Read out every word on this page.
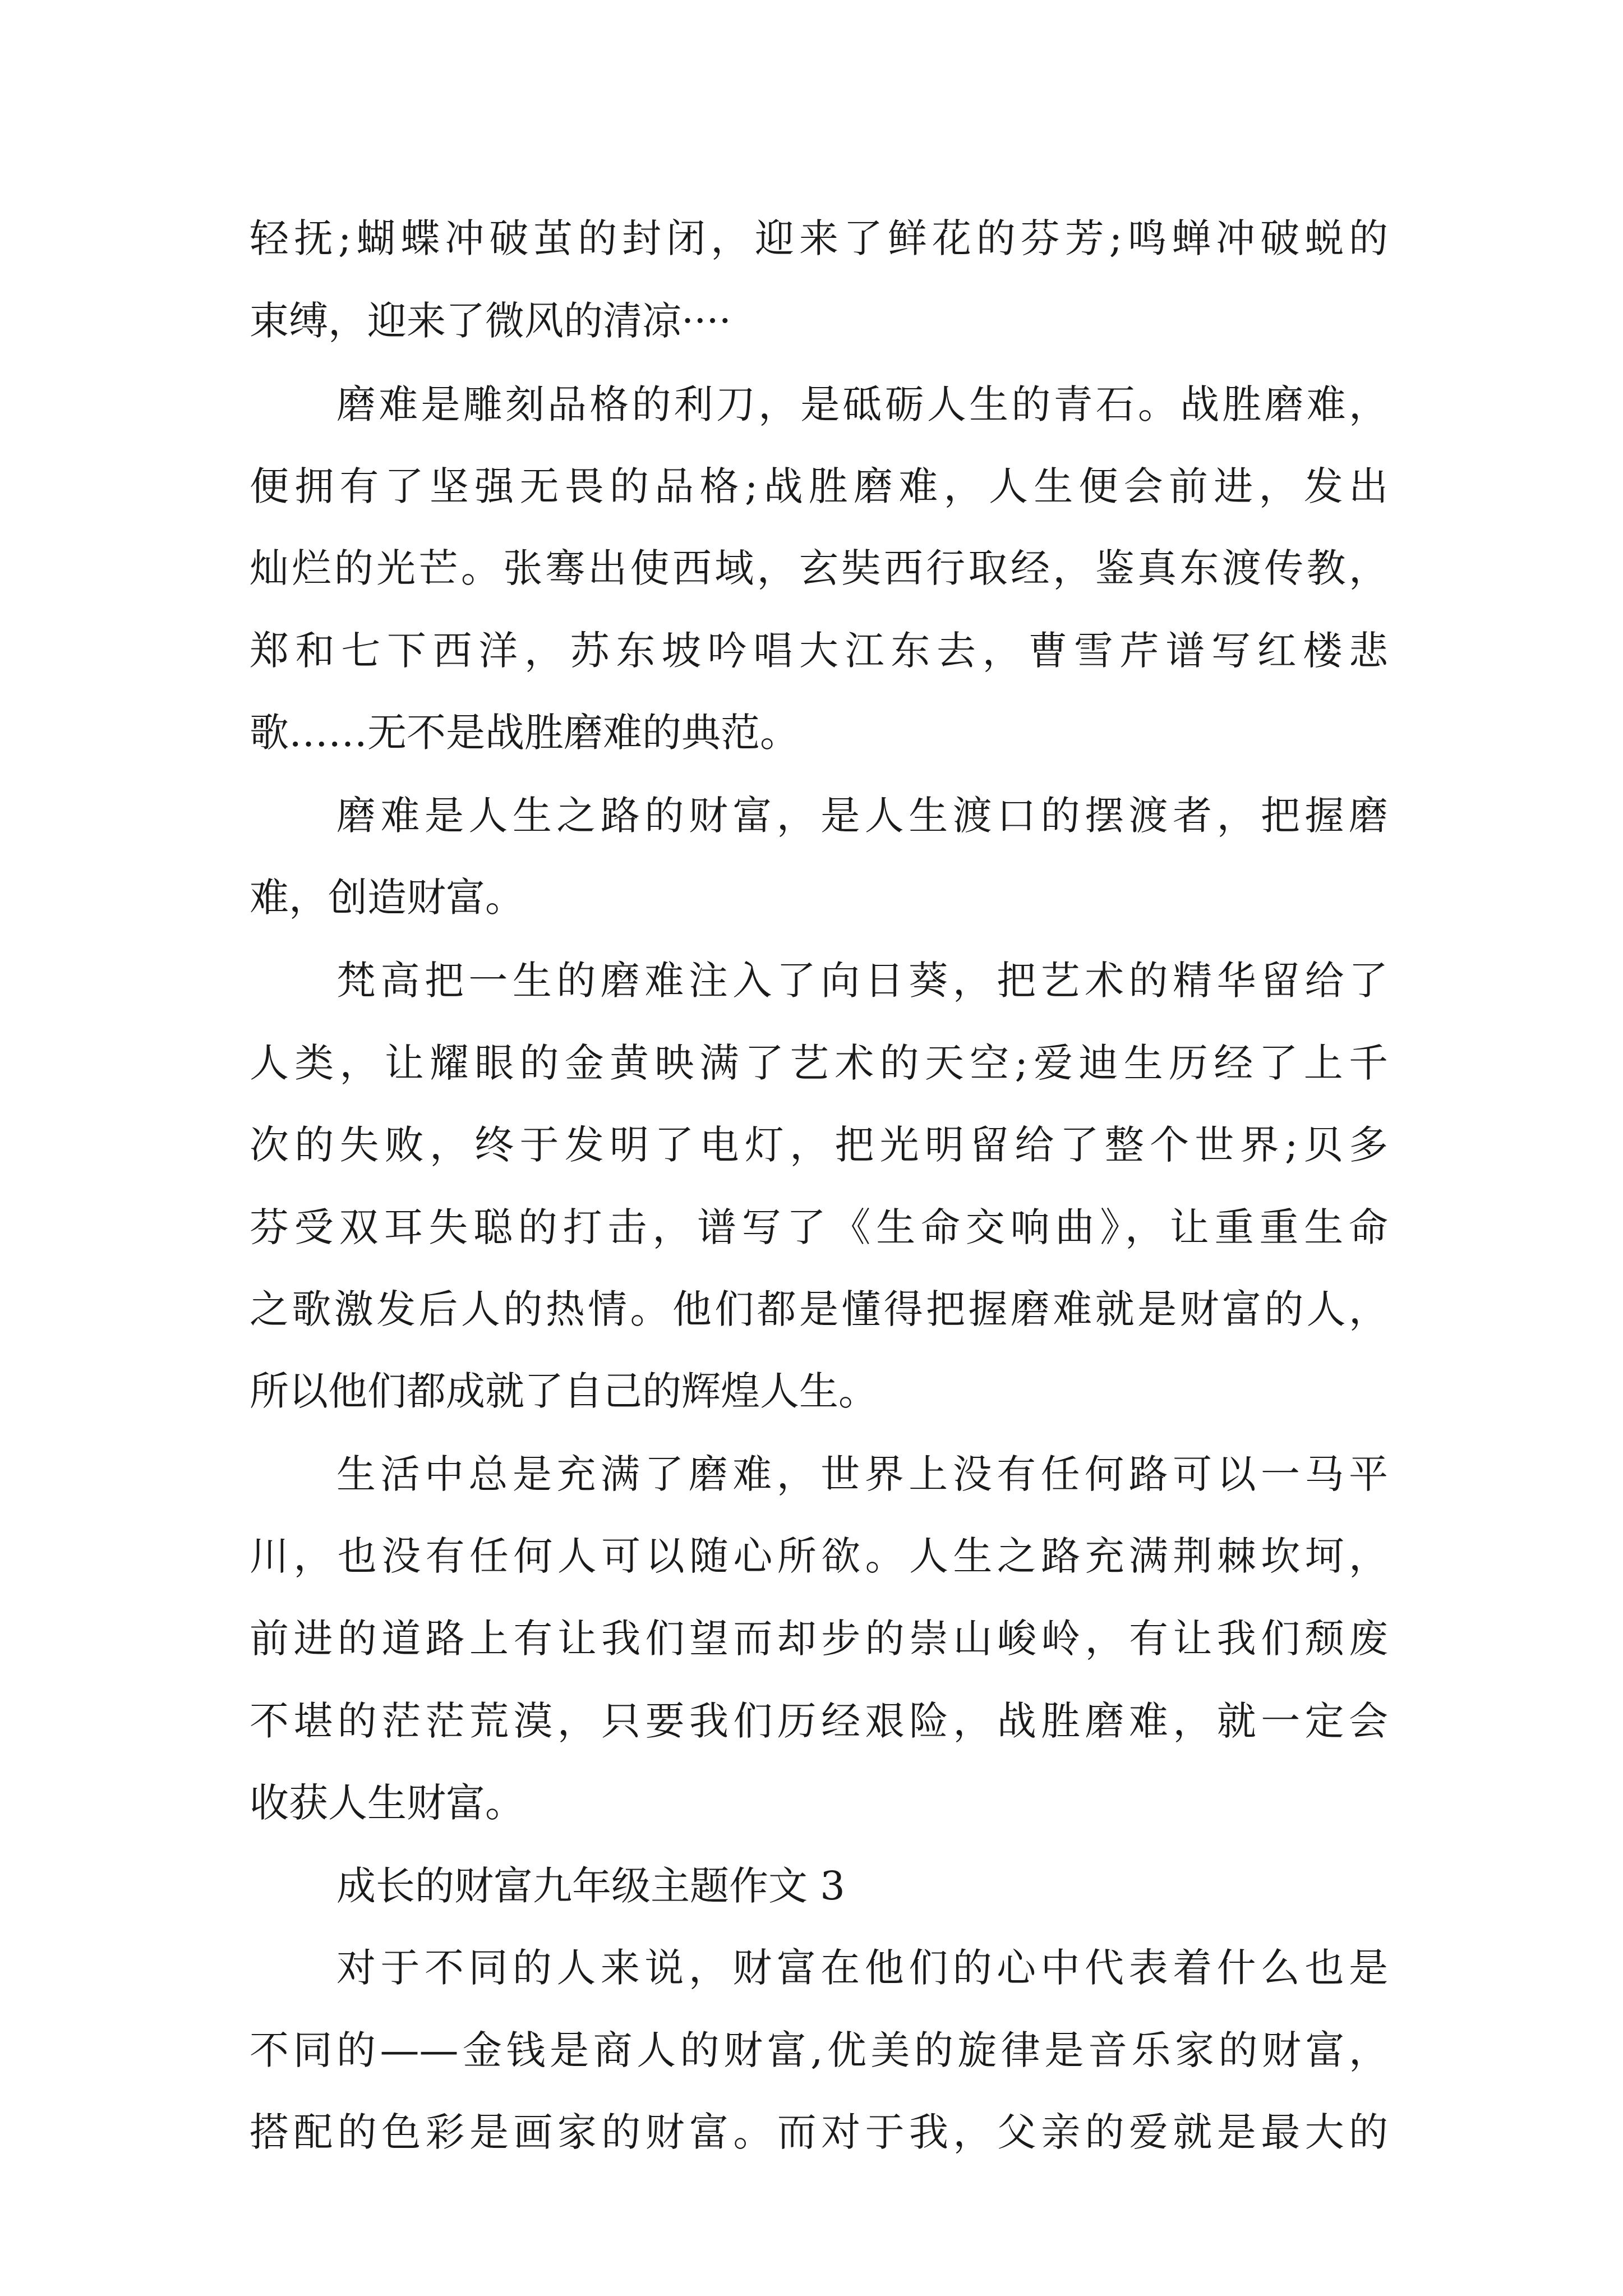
轻抚;蝴蝶冲破茧的封闭，迎来了鲜花的芬芳;鸣蝉冲破蜕的
束缚，迎来了微风的清凉····
磨难是雕刻品格的利刀，是砥砺人生的青石。战胜磨难，
便拥有了坚强无畏的品格;战胜磨难，人生便会前进，发出
灿烂的光芒。张骞出使西域，玄奘西行取经，鉴真东渡传教，
郑和七下西洋，苏东坡吟唱大江东去，曹雪芹谱写红楼悲
歌……无不是战胜磨难的典范。
磨难是人生之路的财富，是人生渡口的摆渡者，把握磨
难，创造财富。
梵高把一生的磨难注入了向日葵，把艺术的精华留给了
人类，让耀眼的金黄映满了艺术的天空;爱迪生历经了上千
次的失败，终于发明了电灯，把光明留给了整个世界;贝多
芬受双耳失聪的打击，谱写了《生命交响曲》，让重重生命
之歌激发后人的热情。他们都是懂得把握磨难就是财富的人，
所以他们都成就了自己的辉煌人生。
生活中总是充满了磨难，世界上没有任何路可以一马平
川，也没有任何人可以随心所欲。人生之路充满荆棘坎坷，
前进的道路上有让我们望而却步的崇山峻岭，有让我们颓废
不堪的茫茫荒漠，只要我们历经艰险，战胜磨难，就一定会
收获人生财富。
成长的财富九年级主题作文 3
对于不同的人来说，财富在他们的心中代表着什么也是
不同的——金钱是商人的财富,优美的旋律是音乐家的财富，
搭配的色彩是画家的财富。而对于我，父亲的爱就是最大的
